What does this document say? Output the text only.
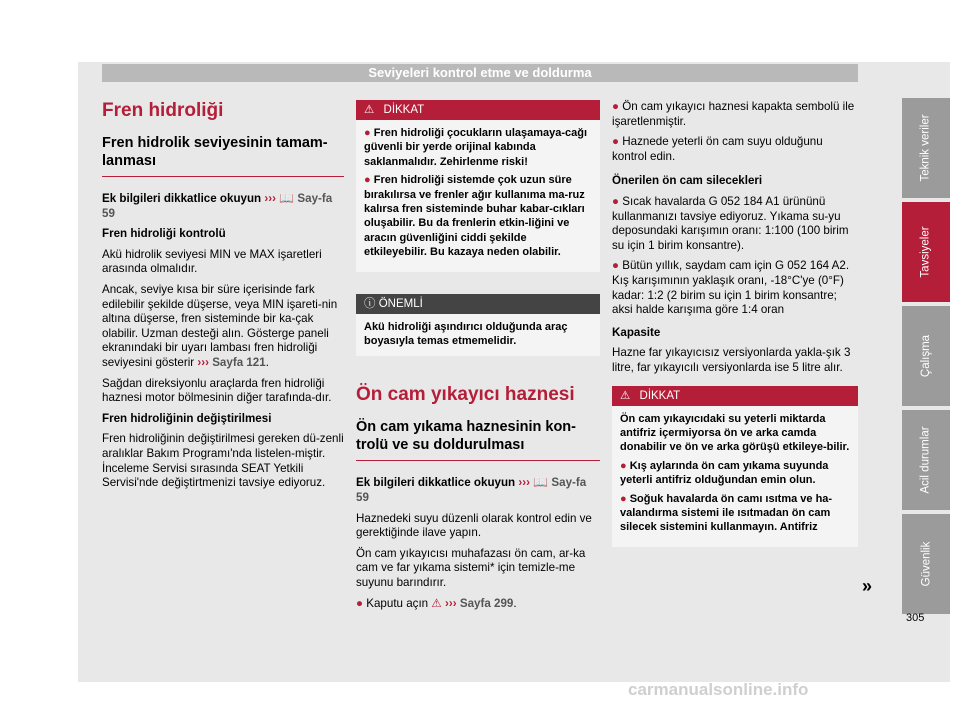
Seviyeleri kontrol etme ve doldurma
Fren hidroliği
Fren hidrolik seviyesinin tamam-lanması

Ek bilgileri dikkatlice okuyun ››› 📖 Say-fa 59

Fren hidroliği kontrolü

Akü hidrolik seviyesi MIN ve MAX işaretleri arasında olmalıdır.

Ancak, seviye kısa bir süre içerisinde fark edilebilir şekilde düşerse, veya MIN işareti-nin altına düşerse, fren sisteminde bir ka-çak olabilir. Uzman desteği alın. Gösterge paneli ekranındaki bir uyarı lambası fren hidroliği seviyesini gösterir ››› Sayfa 121.

Sağdan direksiyonlu araçlarda fren hidroliği haznesi motor bölmesinin diğer tarafında-dır.

Fren hidroliğinin değiştirilmesi

Fren hidroliğinin değiştirilmesi gereken dü-zenli aralıklar Bakım Programı'nda listelen-miştir. İnceleme Servisi sırasında SEAT Yetkili Servisi'nde değiştirtmenizi tavsiye ediyoruz.

⚠ DİKKAT

● Fren hidroliği çocukların ulaşamaya-cağı güvenli bir yerde orijinal kabında saklanmalıdır. Zehirlenme riski!

● Fren hidroliği sistemde çok uzun süre bırakılırsa ve frenler ağır kullanıma ma-ruz kalırsa fren sisteminde buhar kabar-cıkları oluşabilir. Bu da frenlerin etkin-liğini ve aracın güvenliğini ciddi şekilde etkileyebilir. Bu kazaya neden olabilir.

ⓘ ÖNEMLİ
Akü hidroliği aşındırıcı olduğunda araç boyasıyla temas etmemelidir.
Ön cam yıkayıcı haznesi
Ön cam yıkama haznesinin kon-trolü ve su doldurulması

Ek bilgileri dikkatlice okuyun ››› 📖 Say-fa 59

Haznedeki suyu düzenli olarak kontrol edin ve gerektiğinde ilave yapın.

Ön cam yıkayıcısı muhafazası ön cam, ar-ka cam ve far yıkama sistemi* için temizle-me suyunu barındırır.

● Kaputu açın ⚠ ››› Sayfa 299.

● Ön cam yıkayıcı haznesi kapakta sembolü ile işaretlenmiştir.

● Haznede yeterli ön cam suyu olduğunu kontrol edin.

Önerilen ön cam silecekleri

● Sıcak havalarda G 052 184 A1 ürününü kullanmanızı tavsiye ediyoruz. Yıkama su-yu deposundaki karışımın oranı: 1:100 (100 birim su için 1 birim konsantre).

● Bütün yıllık, saydam cam için G 052 164 A2. Kış karışımının yaklaşık oranı, -18°C'ye (0°F) kadar: 1:2 (2 birim su için 1 birim konsantre; aksi halde karışıma göre 1:4 oran

Kapasite

Hazne far yıkayıcısız versiyonlarda yakla-şık 3 litre, far yıkayıcılı versiyonlarda ise 5 litre alır.

⚠ DİKKAT

Ön cam yıkayıcıdaki su yeterli miktarda antifriz içermiyorsa ön ve arka camda donabilir ve ön ve arka görüşü etkileye-bilir.

● Kış aylarında ön cam yıkama suyunda yeterli antifriz olduğundan emin olun.

● Soğuk havalarda ön camı ısıtma ve ha-valandırma sistemi ile ısıtmadan ön cam silecek sistemini kullanmayın. Antifriz

»
Teknik veriler
Tavsiyeler
Çalışma
Acil durumlar
Güvenlik
305
carmanualsonline.info
